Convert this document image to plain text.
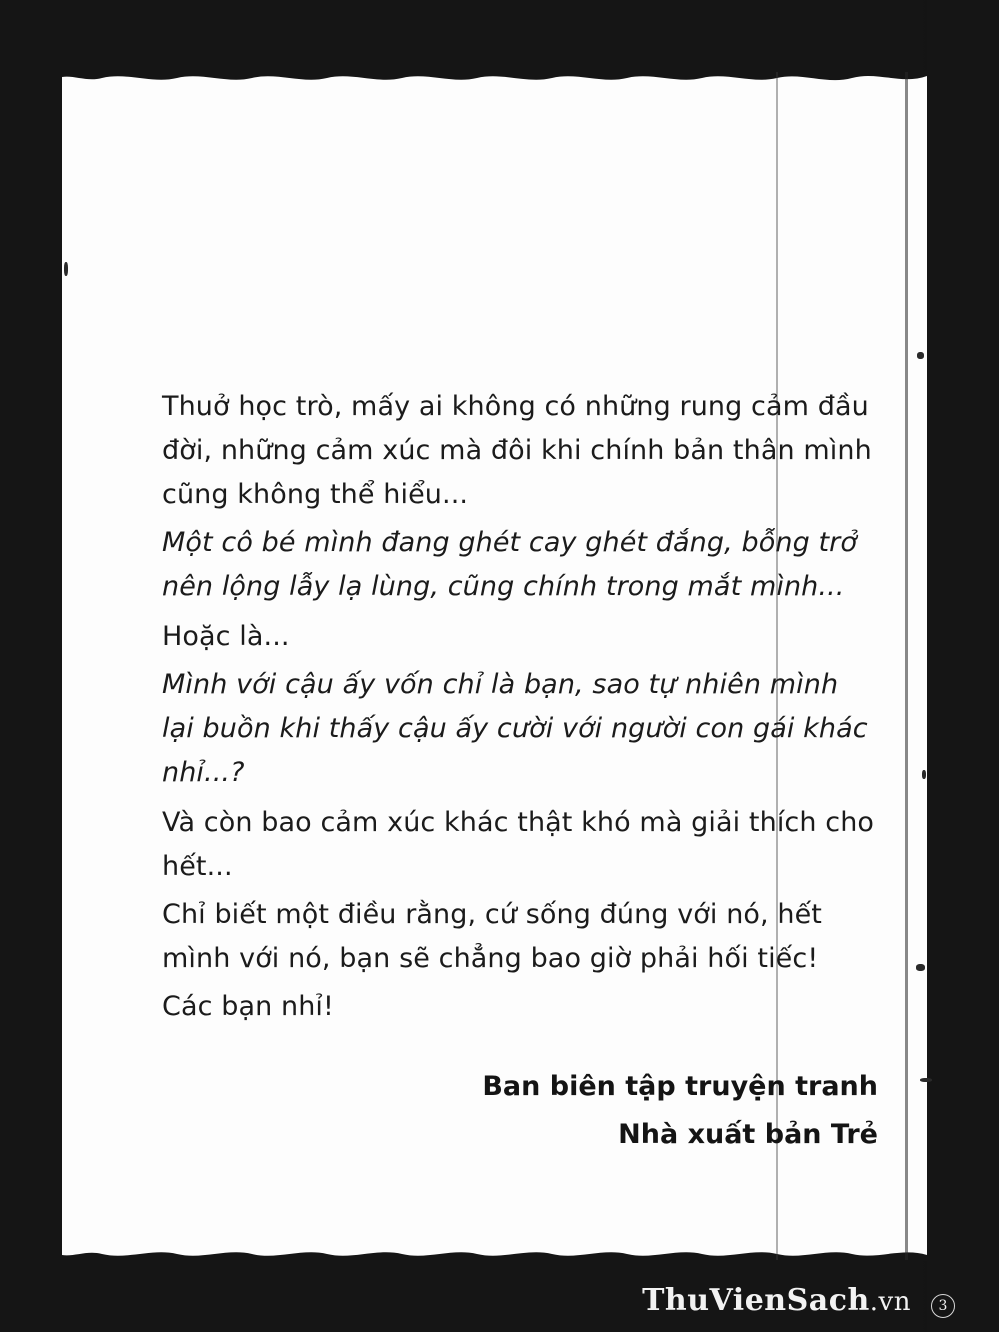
Thuở học trò, mấy ai không có những rung cảm đầu đời, những cảm xúc mà đôi khi chính bản thân mình cũng không thể hiểu...

Một cô bé mình đang ghét cay ghét đắng, bỗng trở nên lộng lẫy lạ lùng, cũng chính trong mắt mình...

Hoặc là...

Mình với cậu ấy vốn chỉ là bạn, sao tự nhiên mình lại buồn khi thấy cậu ấy cười với người con gái khác nhỉ...?

Và còn bao cảm xúc khác thật khó mà giải thích cho hết...

Chỉ biết một điều rằng, cứ sống đúng với nó, hết mình với nó, bạn sẽ chẳng bao giờ phải hối tiếc!

Các bạn nhỉ!

Ban biên tập truyện tranh
Nhà xuất bản Trẻ
ThuVienSach.vn	3
